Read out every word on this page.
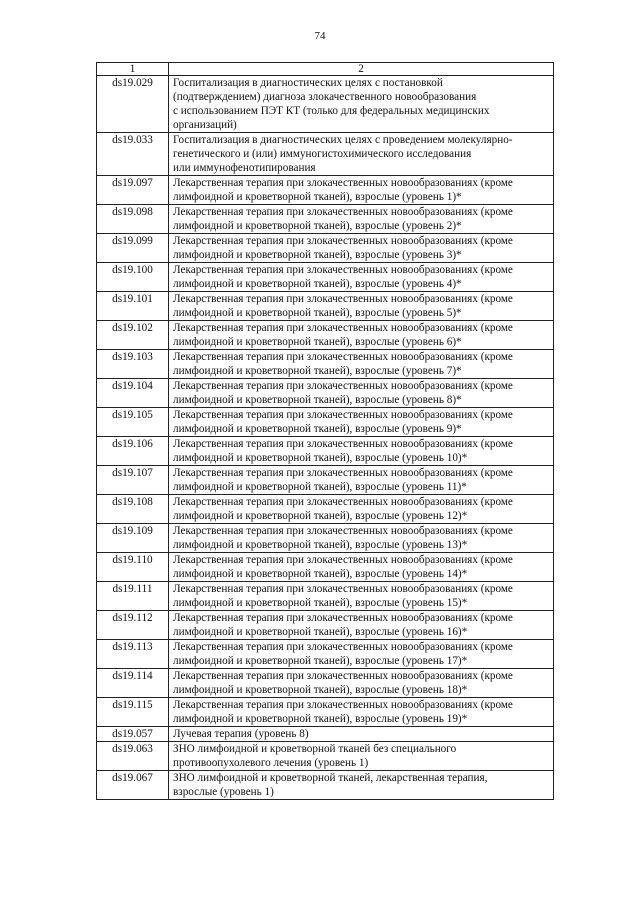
74
1	2
ds19.029	Госпитализация в диагностических целях с постановкой
(подтверждением) диагноза злокачественного новообразования
с использованием ПЭТ КТ (только для федеральных медицинских
организаций)

ds19.033	Госпитализация в диагностических целях с проведением молекулярно-
генетического и (или) иммуногистохимического исследования
или иммунофенотипирования

ds19.097	Лекарственная терапия при злокачественных новообразованиях (кроме
лимфоидной и кроветворной тканей), взрослые (уровень 1)*

ds19.098	Лекарственная терапия при злокачественных новообразованиях (кроме
лимфоидной и кроветворной тканей), взрослые (уровень 2)*

ds19.099	Лекарственная терапия при злокачественных новообразованиях (кроме
лимфоидной и кроветворной тканей), взрослые (уровень 3)*

ds19.100	Лекарственная терапия при злокачественных новообразованиях (кроме
лимфоидной и кроветворной тканей), взрослые (уровень 4)*

ds19.101	Лекарственная терапия при злокачественных новообразованиях (кроме
лимфоидной и кроветворной тканей), взрослые (уровень 5)*

ds19.102	Лекарственная терапия при злокачественных новообразованиях (кроме
лимфоидной и кроветворной тканей), взрослые (уровень 6)*

ds19.103	Лекарственная терапия при злокачественных новообразованиях (кроме
лимфоидной и кроветворной тканей), взрослые (уровень 7)*

ds19.104	Лекарственная терапия при злокачественных новообразованиях (кроме
лимфоидной и кроветворной тканей), взрослые (уровень 8)*

ds19.105	Лекарственная терапия при злокачественных новообразованиях (кроме
лимфоидной и кроветворной тканей), взрослые (уровень 9)*

ds19.106	Лекарственная терапия при злокачественных новообразованиях (кроме
лимфоидной и кроветворной тканей), взрослые (уровень 10)*

ds19.107	Лекарственная терапия при злокачественных новообразованиях (кроме
лимфоидной и кроветворной тканей), взрослые (уровень 11)*

ds19.108	Лекарственная терапия при злокачественных новообразованиях (кроме
лимфоидной и кроветворной тканей), взрослые (уровень 12)*

ds19.109	Лекарственная терапия при злокачественных новообразованиях (кроме
лимфоидной и кроветворной тканей), взрослые (уровень 13)*

ds19.110	Лекарственная терапия при злокачественных новообразованиях (кроме
лимфоидной и кроветворной тканей), взрослые (уровень 14)*

ds19.111	Лекарственная терапия при злокачественных новообразованиях (кроме
лимфоидной и кроветворной тканей), взрослые (уровень 15)*

ds19.112	Лекарственная терапия при злокачественных новообразованиях (кроме
лимфоидной и кроветворной тканей), взрослые (уровень 16)*

ds19.113	Лекарственная терапия при злокачественных новообразованиях (кроме
лимфоидной и кроветворной тканей), взрослые (уровень 17)*

ds19.114	Лекарственная терапия при злокачественных новообразованиях (кроме
лимфоидной и кроветворной тканей), взрослые (уровень 18)*

ds19.115	Лекарственная терапия при злокачественных новообразованиях (кроме
лимфоидной и кроветворной тканей), взрослые (уровень 19)*

ds19.057	Лучевая терапия (уровень 8)

ds19.063	ЗНО лимфоидной и кроветворной тканей без специального
противоопухолевого лечения (уровень 1)

ds19.067	ЗНО лимфоидной и кроветворной тканей, лекарственная терапия,
взрослые (уровень 1)
